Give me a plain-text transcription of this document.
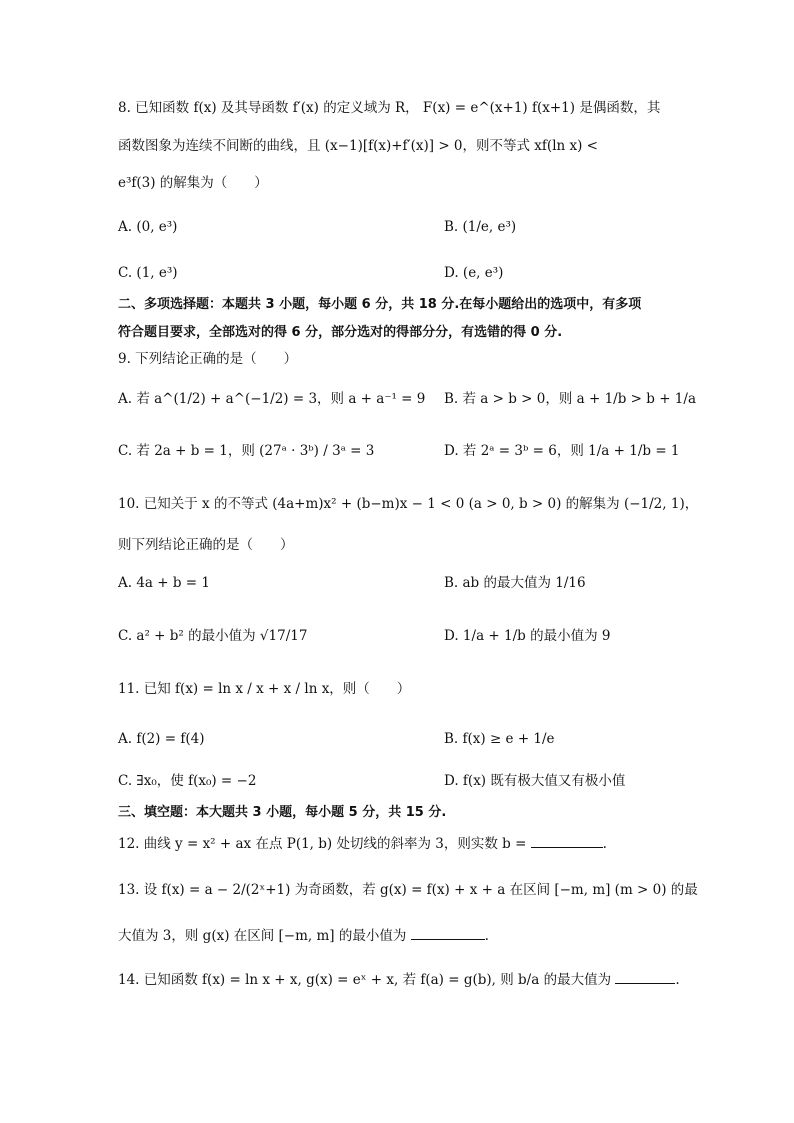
8. 已知函数 f(x) 及其导函数 f′(x) 的定义域为 R， F(x) = e^(x+1) f(x+1) 是偶函数，其
函数图象为连续不间断的曲线，且 (x−1)[f(x)+f′(x)] > 0，则不等式 xf(ln x) <
e³f(3) 的解集为（　　）
A. (0, e³)	B. (1/e, e³)
C. (1, e³)	D. (e, e³)
二、多项选择题：本题共 3 小题，每小题 6 分，共 18 分.在每小题给出的选项中，有多项
符合题目要求，全部选对的得 6 分，部分选对的得部分分，有选错的得 0 分.
9. 下列结论正确的是（　　）
A. 若 a^(1/2) + a^(−1/2) = 3，则 a + a⁻¹ = 9 B. 若 a > b > 0，则 a + 1/b > b + 1/a
C. 若 2a + b = 1，则 (27ᵃ · 3ᵇ) / 3ᵃ = 3	D. 若 2ᵃ = 3ᵇ = 6，则 1/a + 1/b = 1
10. 已知关于 x 的不等式 (4a+m)x² + (b−m)x − 1 < 0 (a > 0, b > 0) 的解集为 (−1/2, 1)，
则下列结论正确的是（　　）
A. 4a + b = 1	B. ab 的最大值为 1/16
C. a² + b² 的最小值为 √17/17	D. 1/a + 1/b 的最小值为 9
11. 已知 f(x) = ln x / x + x / ln x，则（　　）
A. f(2) = f(4)	B. f(x) ≥ e + 1/e
C. ∃x₀，使 f(x₀) = −2	D. f(x) 既有极大值又有极小值
三、填空题：本大题共 3 小题，每小题 5 分，共 15 分.
12. 曲线 y = x² + ax 在点 P(1, b) 处切线的斜率为 3，则实数 b =	.
13. 设 f(x) = a − 2/(2ˣ+1) 为奇函数，若 g(x) = f(x) + x + a 在区间 [−m, m] (m > 0) 的最
大值为 3，则 g(x) 在区间 [−m, m] 的最小值为	.
14. 已知函数 f(x) = ln x + x, g(x) = eˣ + x, 若 f(a) = g(b), 则 b/a 的最大值为	.
